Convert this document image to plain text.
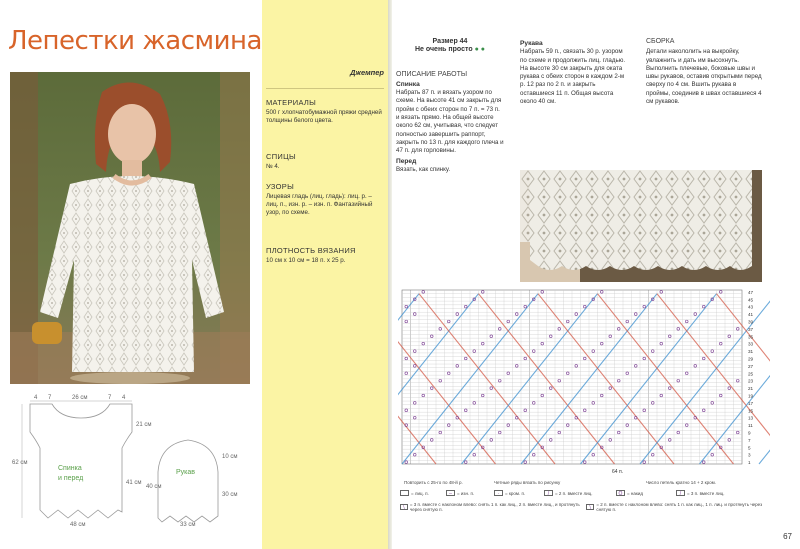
Лепестки жасмина
Спинка
и перед
Рукав
4 7	26 см	7 4
21 см
41 см
62 см
48 см
10 см
30 см
40 см
33 см
Джемпер
МАТЕРИАЛЫ
500 г хлопчатобумажной пряжи средней толщины белого цвета.
СПИЦЫ
№ 4.
УЗОРЫ
Лицевая гладь (лиц. гладь): лиц. р. – лиц. п., изн. р. – изн. п. Фантазийный узор, по схеме.
ПЛОТНОСТЬ ВЯЗАНИЯ
10 см х 10 см = 18 п. х 25 р.
Размер 44
Не очень просто ● ●
ОПИСАНИЕ РАБОТЫ
Спинка
Набрать 87 п. и вязать узором по схеме. На высоте 41 см закрыть для пройм с обеих сторон по 7 п. = 73 п. и вязать прямо. На общей высоте около 62 см, учитывая, что следует полностью завершить раппорт, закрыть по 13 п. для каждого плеча и 47 п. для горловины.
Перед
Вязать, как спинку.
Рукава
Набрать 59 п., связать 30 р. узором по схеме и продолжить лиц. гладью. На высоте 30 см закрыть для оката рукава с обеих сторон в каждом 2-м р. 12 раз по 2 п. и закрыть оставшиеся 11 п. Общая высота около 40 см.
СБОРКА
Детали накололить на выкройку, увлажнить и дать им высохнуть. Выполнить плечевые, боковые швы и швы рукавов, оставив открытыми перед сверху по 4 см. Вшить рукава в проймы, соединив в швах оставшиеся 4 см рукавов.
47
45
43
41
39
37
35
33
31
29
27
25
23
21
19
17
15
13
11
9
7
5
3
1
64 п.
Повторить с 25-го по 48-й р.	Четные ряды вязать по рисунку	Число петель кратно 14 + 2 кром.
= лиц. п.	–	= изн. п.	·	= кром. п.	/	= 2 п. вместе лиц.	O	= накид	/	= 3 п. вместе лиц.
\
= 3 п. вместе с наклоном влево: снять 1 п. как лиц., 2 п. вместе лиц., и протянуть через снятую п.	\
= 2 п. вместе с наклоном влево: снять 1 п. как лиц., 1 п. лиц. и протянуть через снятую п.
67
